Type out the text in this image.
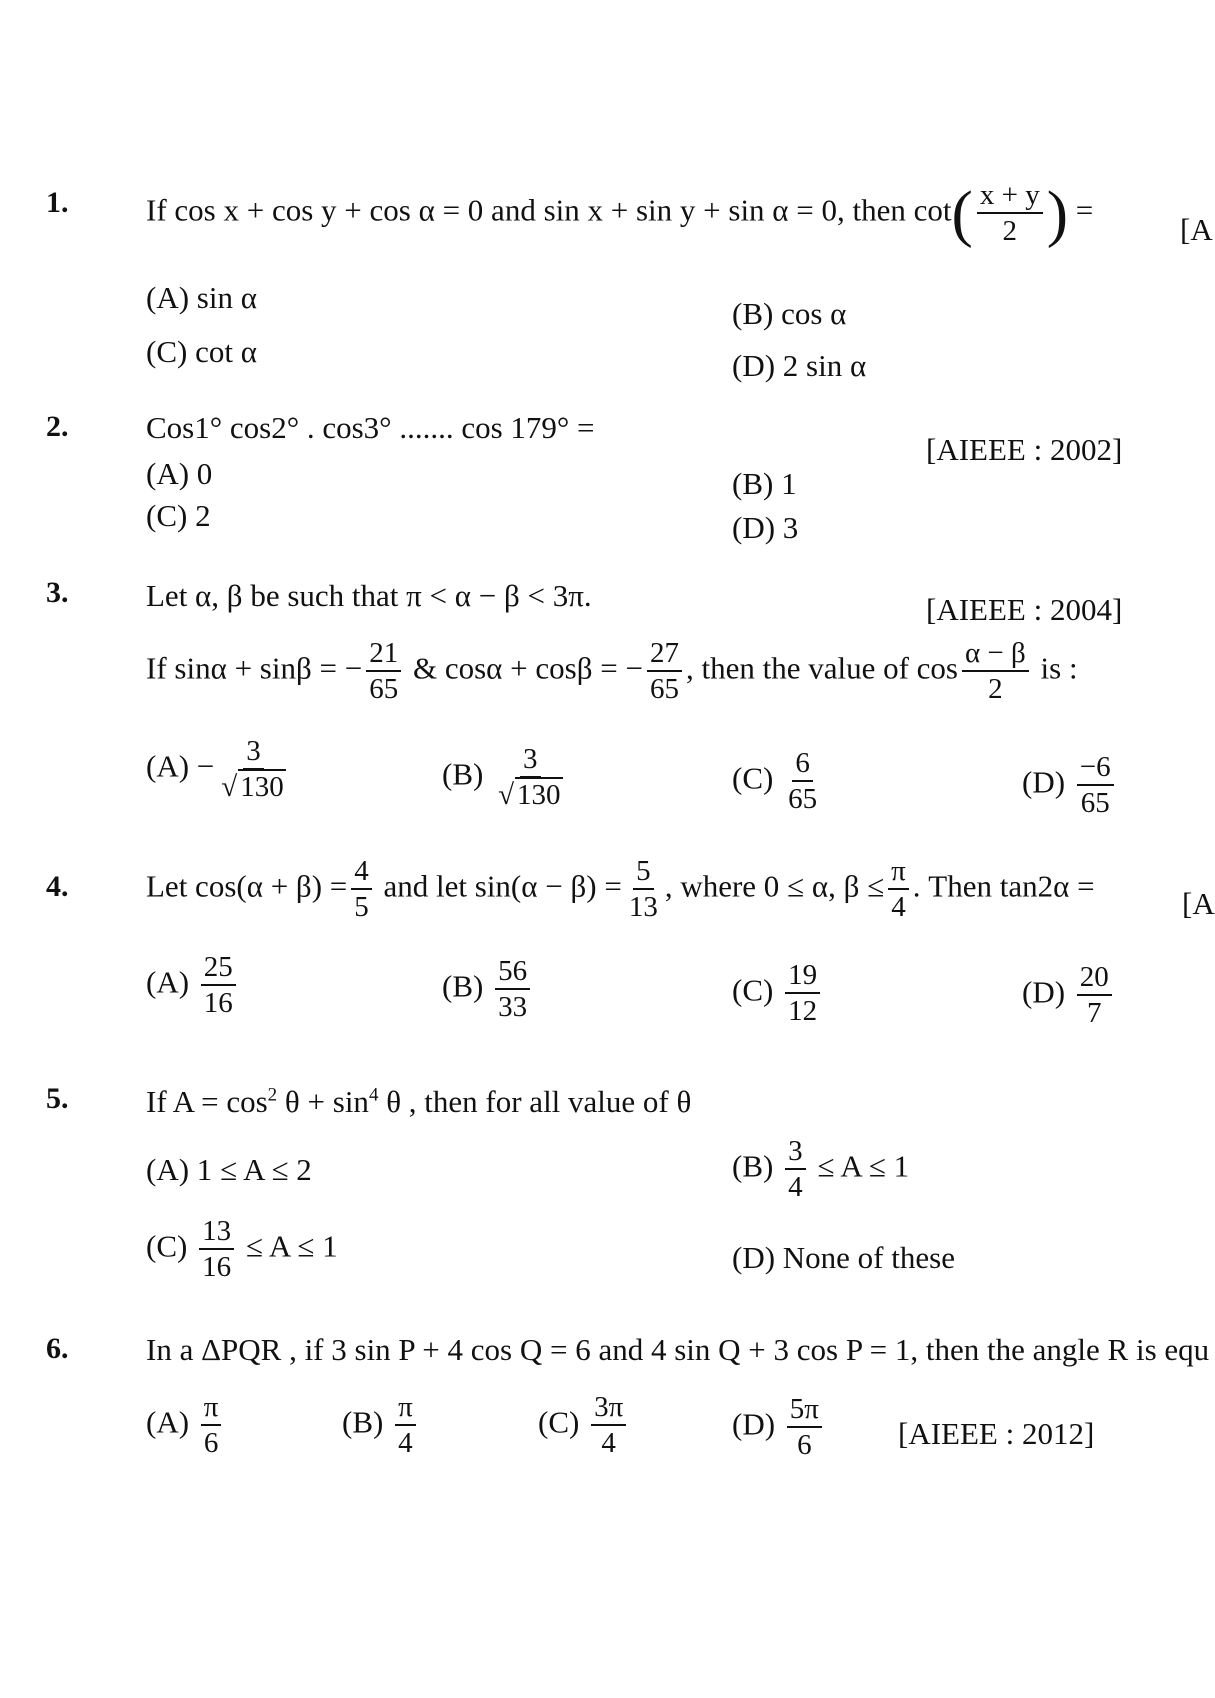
1.	If cos x + cos y + cos α = 0 and sin x + sin y + sin α = 0, then $\cot( \frac{x + y}{2}$ ) =
[A
(A) sin α	(B) cos α
(C) cot α	(D) 2 sin α
2.	Cos1° cos2° . cos3° ....... cos 179° =
[AIEEE : 2002]
(A) 0	(B) 1
(C) 2	(D) 3
3.	Let α, β be such that π < α − β < 3π.	[AIEEE : 2004]
If sinα + sinβ = − $\frac{21}{65}$ & cosα + cosβ = − $\frac{27}{65}$ , then the value of $\cos \frac{\alpha - \beta}{2}$ is :
$(A) - \frac{3}{√ 130}$	$(B) \frac{3}{√ 130}$	$(C) \frac{6}{65}$	$(D) \frac{-6}{65}$
4.	Let $\cos(\alpha + \beta) = \frac{4}{5}$ and let $\sin(\alpha - \beta) = \frac{5}{13}$ , where 0 ≤ α, $\beta \le \frac{\pi}{4}$ . Then tan2α =	[A
$(A) \frac{25}{16}$	$(B) \frac{56}{33}$	$(C) \frac{19}{12}$	$(D) \frac{20}{7}$
5.	If $A = \cos^2 \theta + \sin^4 \theta$ , then for all value of θ
(A) 1 ≤ A ≤ 2	$(B) \frac{3}{4} \le A \le 1$
$(C) \frac{13}{16} \le A \le 1$	(D) None of these
6.	In a ΔPQR , if 3 sin P + 4 cos Q = 6 and 4 sin Q + 3 cos P = 1, then the angle R is equ
$(A) \frac{\pi}{6}$	$(B) \frac{\pi}{4}$	$(C) \frac{3\pi}{4}$	$(D) \frac{5\pi}{6}$ [AIEEE : 2012]
